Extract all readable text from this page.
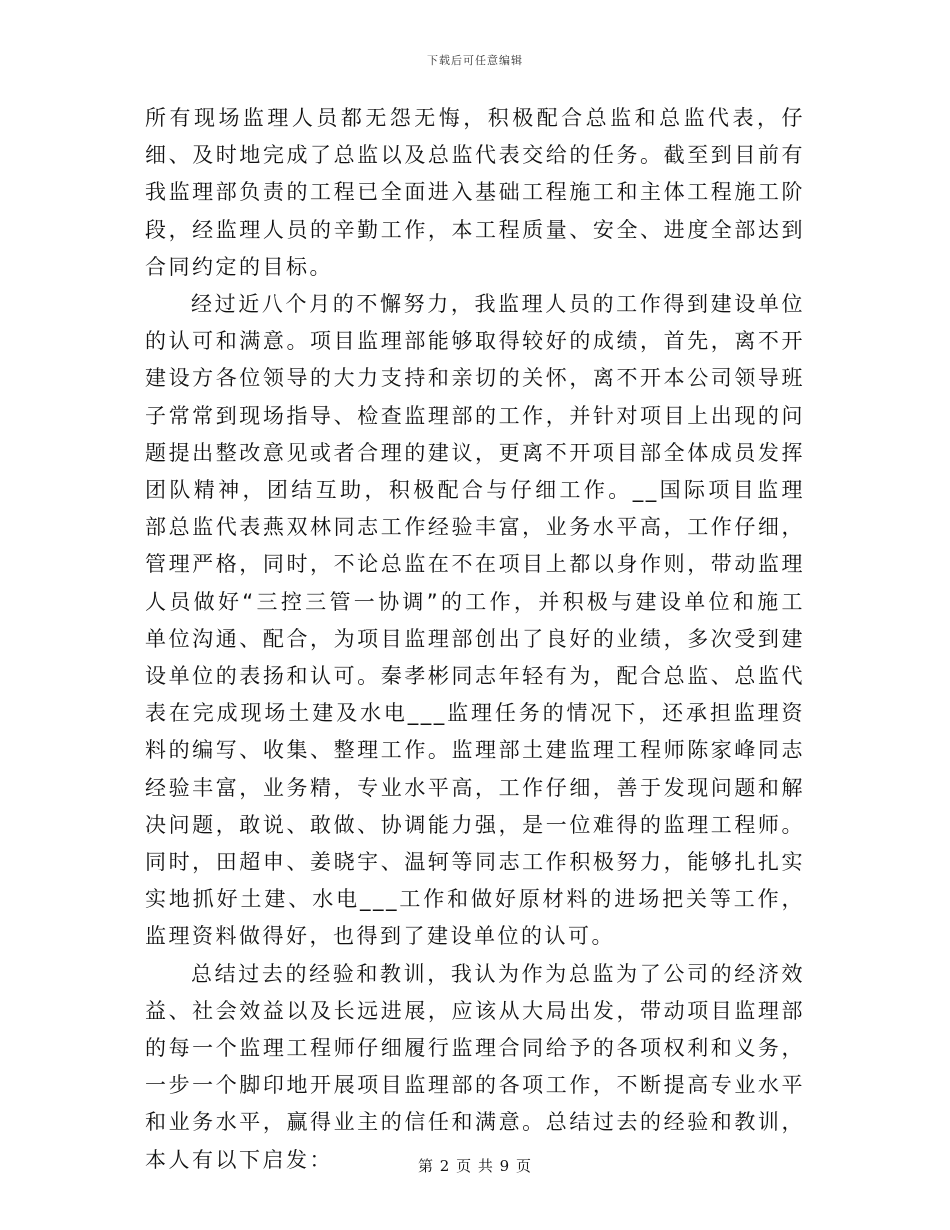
下载后可任意编辑

所有现场监理人员都无怨无悔，积极配合总监和总监代表，仔细、及时地完成了总监以及总监代表交给的任务。截至到目前有我监理部负责的工程已全面进入基础工程施工和主体工程施工阶段，经监理人员的辛勤工作，本工程质量、安全、进度全部达到合同约定的目标。

经过近八个月的不懈努力，我监理人员的工作得到建设单位的认可和满意。项目监理部能够取得较好的成绩，首先，离不开建设方各位领导的大力支持和亲切的关怀，离不开本公司领导班子常常到现场指导、检查监理部的工作，并针对项目上出现的问题提出整改意见或者合理的建议，更离不开项目部全体成员发挥团队精神，团结互助，积极配合与仔细工作。__国际项目监理部总监代表燕双林同志工作经验丰富，业务水平高，工作仔细，管理严格，同时，不论总监在不在项目上都以身作则，带动监理人员做好“三控三管一协调”的工作，并积极与建设单位和施工单位沟通、配合，为项目监理部创出了良好的业绩，多次受到建设单位的表扬和认可。秦孝彬同志年轻有为，配合总监、总监代表在完成现场土建及水电___监理任务的情况下，还承担监理资料的编写、收集、整理工作。监理部土建监理工程师陈家峰同志经验丰富，业务精，专业水平高，工作仔细，善于发现问题和解决问题，敢说、敢做、协调能力强，是一位难得的监理工程师。同时，田超申、姜晓宇、温轲等同志工作积极努力，能够扎扎实实地抓好土建、水电___工作和做好原材料的进场把关等工作，监理资料做得好，也得到了建设单位的认可。

总结过去的经验和教训，我认为作为总监为了公司的经济效益、社会效益以及长远进展，应该从大局出发，带动项目监理部的每一个监理工程师仔细履行监理合同给予的各项权利和义务，一步一个脚印地开展项目监理部的各项工作，不断提高专业水平和业务水平，赢得业主的信任和满意。总结过去的经验和教训，本人有以下启发：	第 2 页 共 9 页
